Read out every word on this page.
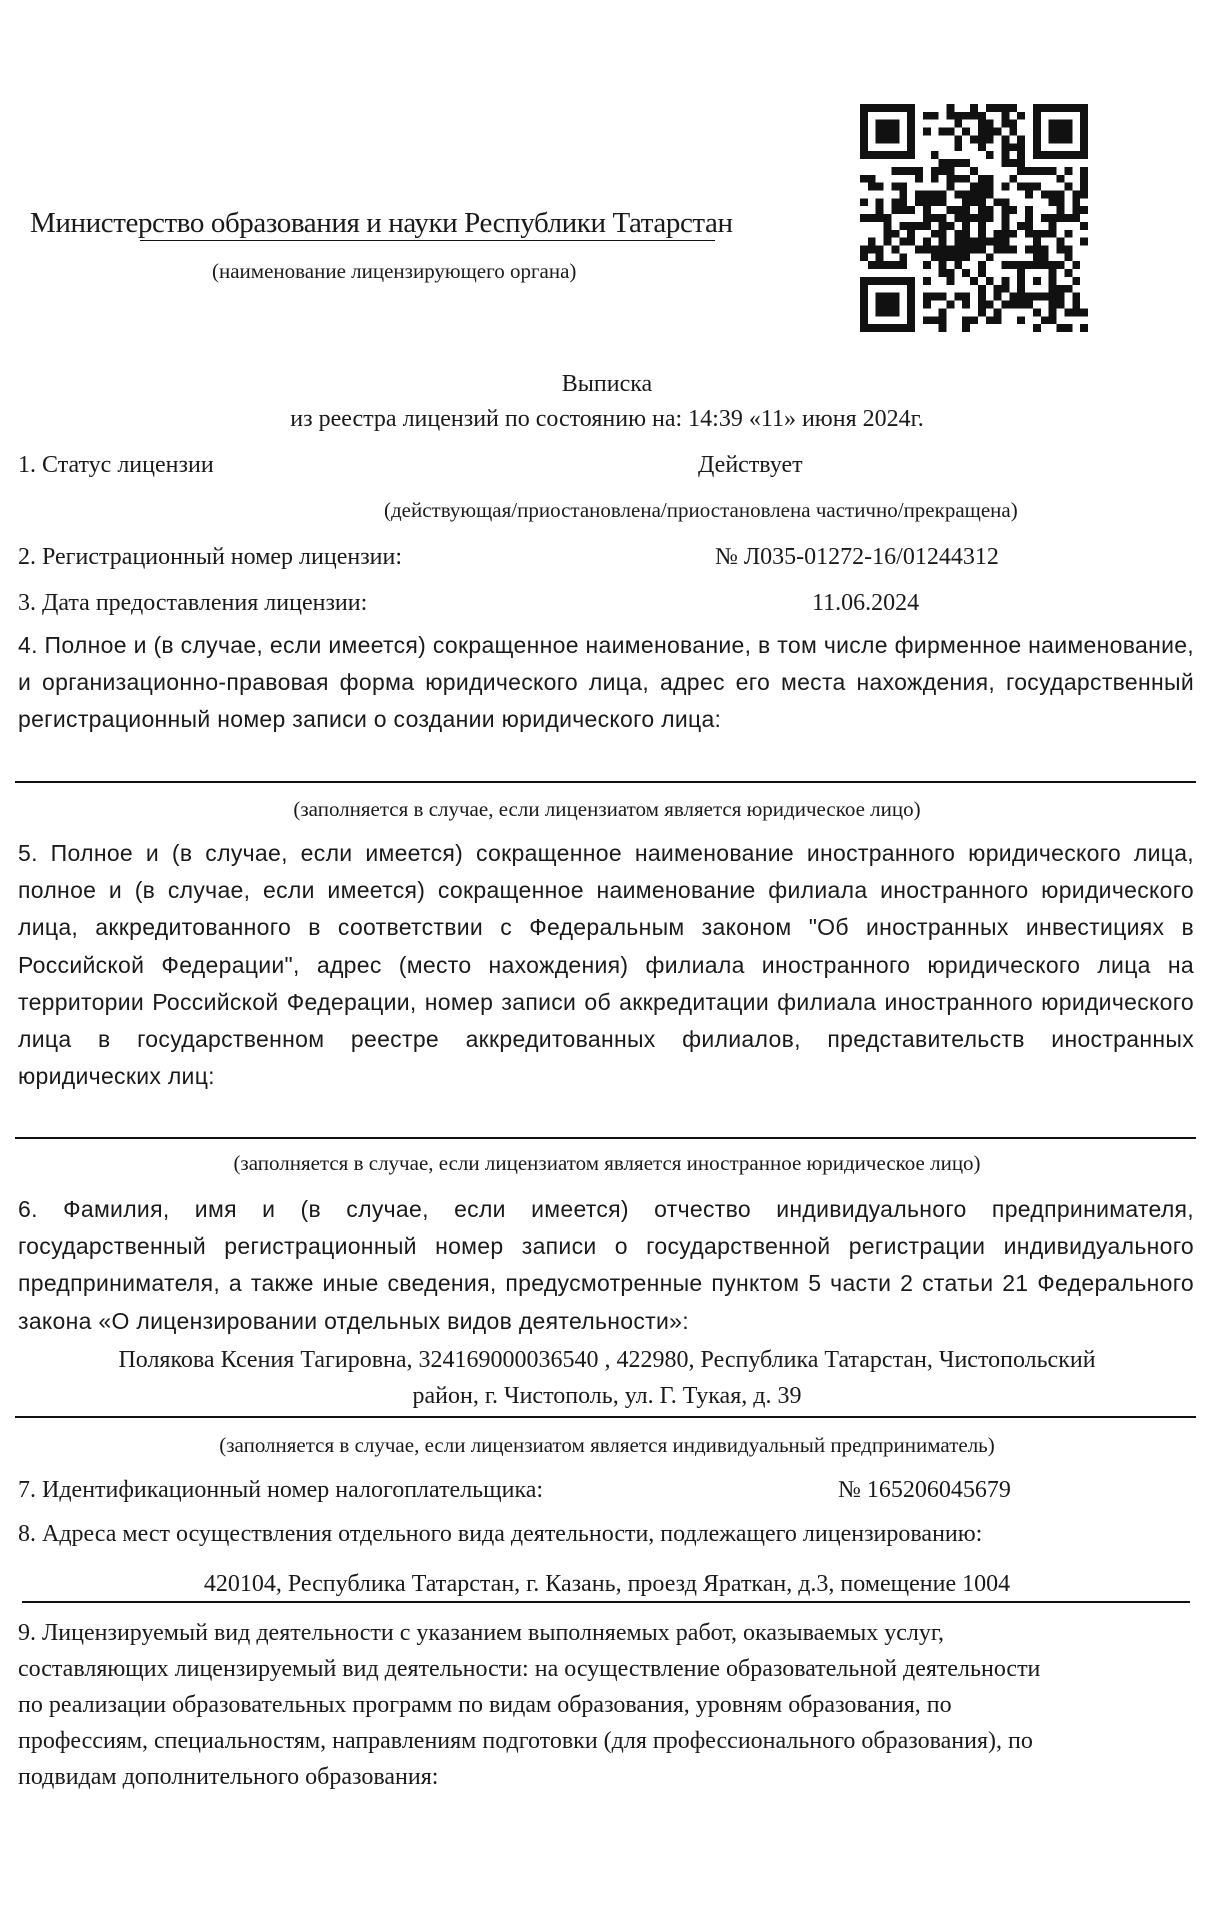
Министерство образования и науки Республики Татарстан
(наименование лицензирующего органа)
Выписка
из реестра лицензий по состоянию на: 14:39 «11» июня 2024г.
1. Статус лицензии	Действует
(действующая/приостановлена/приостановлена частично/прекращена)
2. Регистрационный номер лицензии:	№ Л035-01272-16/01244312
3. Дата предоставления лицензии:	11.06.2024
4. Полное и (в случае, если имеется) сокращенное наименование, в том числе фирменное наименование, и организационно-правовая форма юридического лица, адрес его места нахождения, государственный регистрационный номер записи о создании юридического лица:
(заполняется в случае, если лицензиатом является юридическое лицо)
5. Полное и (в случае, если имеется) сокращенное наименование иностранного юридического лица, полное и (в случае, если имеется) сокращенное наименование филиала иностранного юридического лица, аккредитованного в соответствии с Федеральным законом "Об иностранных инвестициях в Российской Федерации", адрес (место нахождения) филиала иностранного юридического лица на территории Российской Федерации, номер записи об аккредитации филиала иностранного юридического лица в государственном реестре аккредитованных филиалов, представительств иностранных юридических лиц:
(заполняется в случае, если лицензиатом является иностранное юридическое лицо)
6. Фамилия, имя и (в случае, если имеется) отчество индивидуального предпринимателя, государственный регистрационный номер записи о государственной регистрации индивидуального предпринимателя, а также иные сведения, предусмотренные пунктом 5 части 2 статьи 21 Федерального закона «О лицензировании отдельных видов деятельности»:
Полякова Ксения Тагировна, 324169000036540 , 422980, Республика Татарстан, Чистопольский
район, г. Чистополь, ул. Г. Тукая, д. 39
(заполняется в случае, если лицензиатом является индивидуальный предприниматель)
7. Идентификационный номер налогоплательщика:	№ 165206045679
8. Адреса мест осуществления отдельного вида деятельности, подлежащего лицензированию:
420104, Республика Татарстан, г. Казань, проезд Яраткан, д.3, помещение 1004
9. Лицензируемый вид деятельности с указанием выполняемых работ, оказываемых услуг,
составляющих лицензируемый вид деятельности: на осуществление образовательной деятельности
по реализации образовательных программ по видам образования, уровням образования, по
профессиям, специальностям, направлениям подготовки (для профессионального образования), по
подвидам дополнительного образования:
